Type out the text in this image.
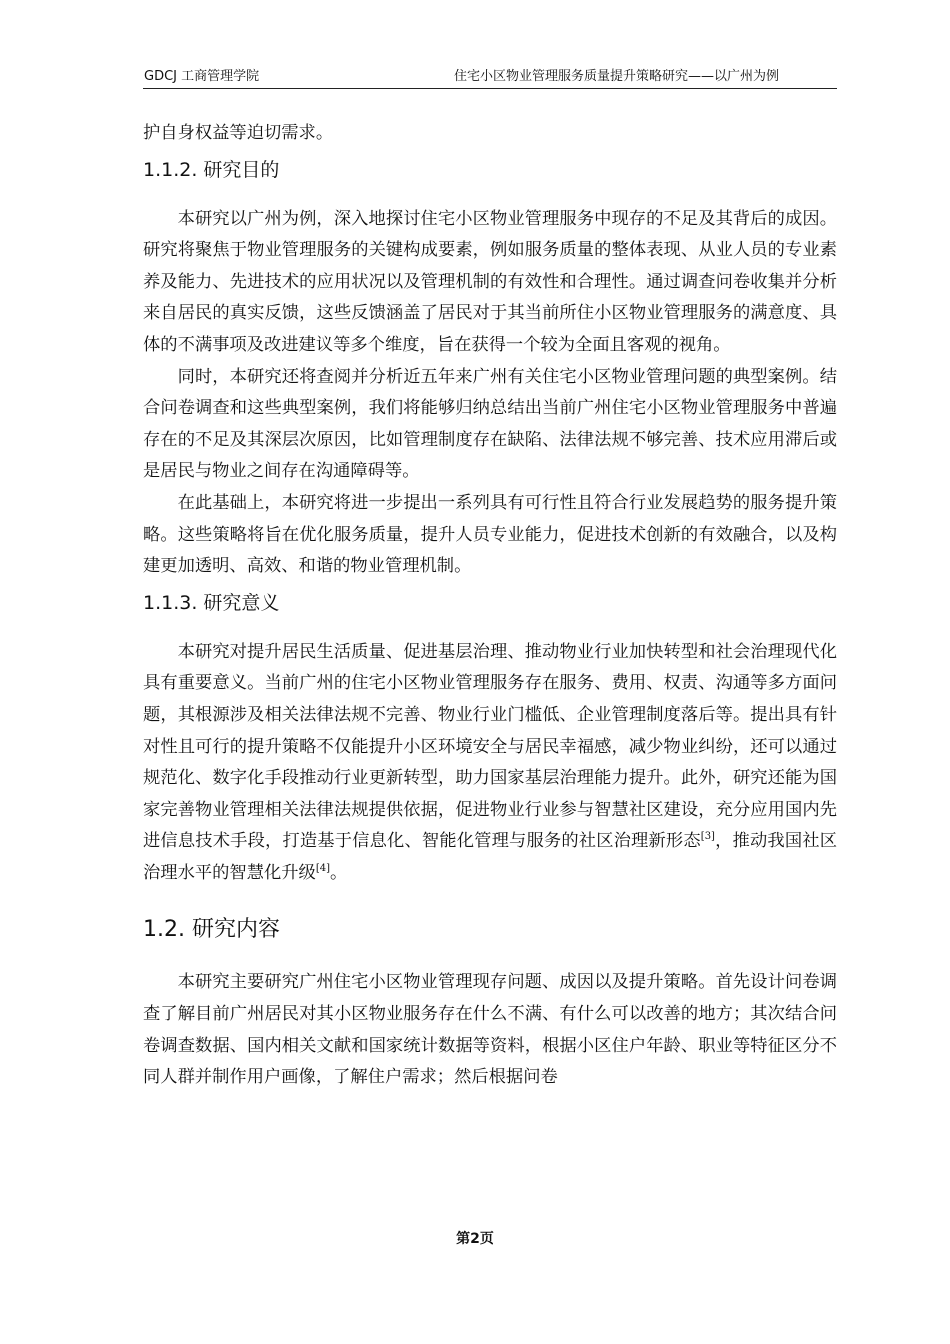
GDCJ 工商管理学院	住宅小区物业管理服务质量提升策略研究——以广州为例

护自身权益等迫切需求。

1.1.2. 研究目的

本研究以广州为例，深入地探讨住宅小区物业管理服务中现存的不足及其背后的成因。研究将聚焦于物业管理服务的关键构成要素，例如服务质量的整体表现、从业人员的专业素养及能力、先进技术的应用状况以及管理机制的有效性和合理性。通过调查问卷收集并分析来自居民的真实反馈，这些反馈涵盖了居民对于其当前所住小区物业管理服务的满意度、具体的不满事项及改进建议等多个维度，旨在获得一个较为全面且客观的视角。

同时，本研究还将查阅并分析近五年来广州有关住宅小区物业管理问题的典型案例。结合问卷调查和这些典型案例，我们将能够归纳总结出当前广州住宅小区物业管理服务中普遍存在的不足及其深层次原因，比如管理制度存在缺陷、法律法规不够完善、技术应用滞后或是居民与物业之间存在沟通障碍等。

在此基础上，本研究将进一步提出一系列具有可行性且符合行业发展趋势的服务提升策略。这些策略将旨在优化服务质量，提升人员专业能力，促进技术创新的有效融合，以及构建更加透明、高效、和谐的物业管理机制。

1.1.3. 研究意义

本研究对提升居民生活质量、促进基层治理、推动物业行业加快转型和社会治理现代化具有重要意义。当前广州的住宅小区物业管理服务存在服务、费用、权责、沟通等多方面问题，其根源涉及相关法律法规不完善、物业行业门槛低、企业管理制度落后等。提出具有针对性且可行的提升策略不仅能提升小区环境安全与居民幸福感，减少物业纠纷，还可以通过规范化、数字化手段推动行业更新转型，助力国家基层治理能力提升。此外，研究还能为国家完善物业管理相关法律法规提供依据，促进物业行业参与智慧社区建设，充分应用国内先进信息技术手段，打造基于信息化、智能化管理与服务的社区治理新形态[3]，推动我国社区治理水平的智慧化升级[4]。

1.2. 研究内容

本研究主要研究广州住宅小区物业管理现存问题、成因以及提升策略。首先设计问卷调查了解目前广州居民对其小区物业服务存在什么不满、有什么可以改善的地方；其次结合问卷调查数据、国内相关文献和国家统计数据等资料，根据小区住户年龄、职业等特征区分不同人群并制作用户画像，了解住户需求；然后根据问卷

第2页
